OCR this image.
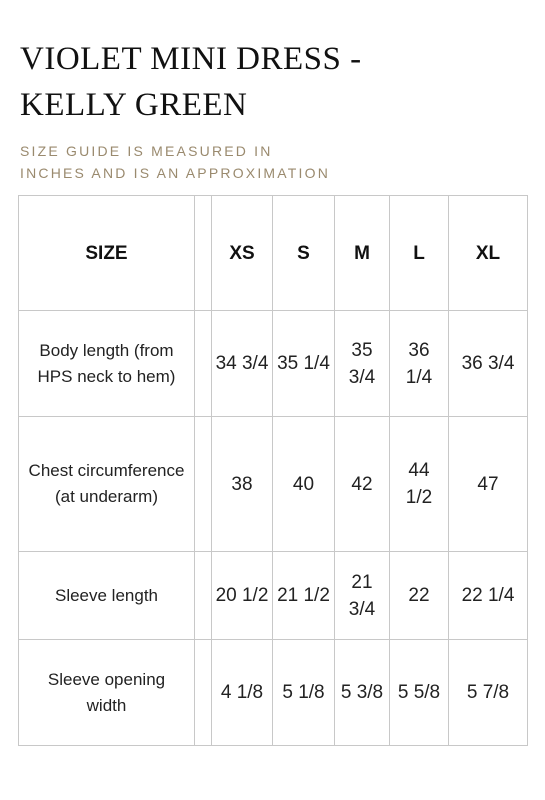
VIOLET MINI DRESS -
KELLY GREEN
SIZE GUIDE IS MEASURED IN
INCHES AND IS AN APPROXIMATION
SIZE		XS	S	M	L	XL
Body length (from HPS neck to hem)		34 3/4	35 1/4	35 3/4	36 1/4	36 3/4
Chest circumference (at underarm)		38	40	42	44 1/2	47
Sleeve length		20 1/2	21 1/2	21 3/4	22	22 1/4
Sleeve opening width		4 1/8	5 1/8	5 3/8	5 5/8	5 7/8
